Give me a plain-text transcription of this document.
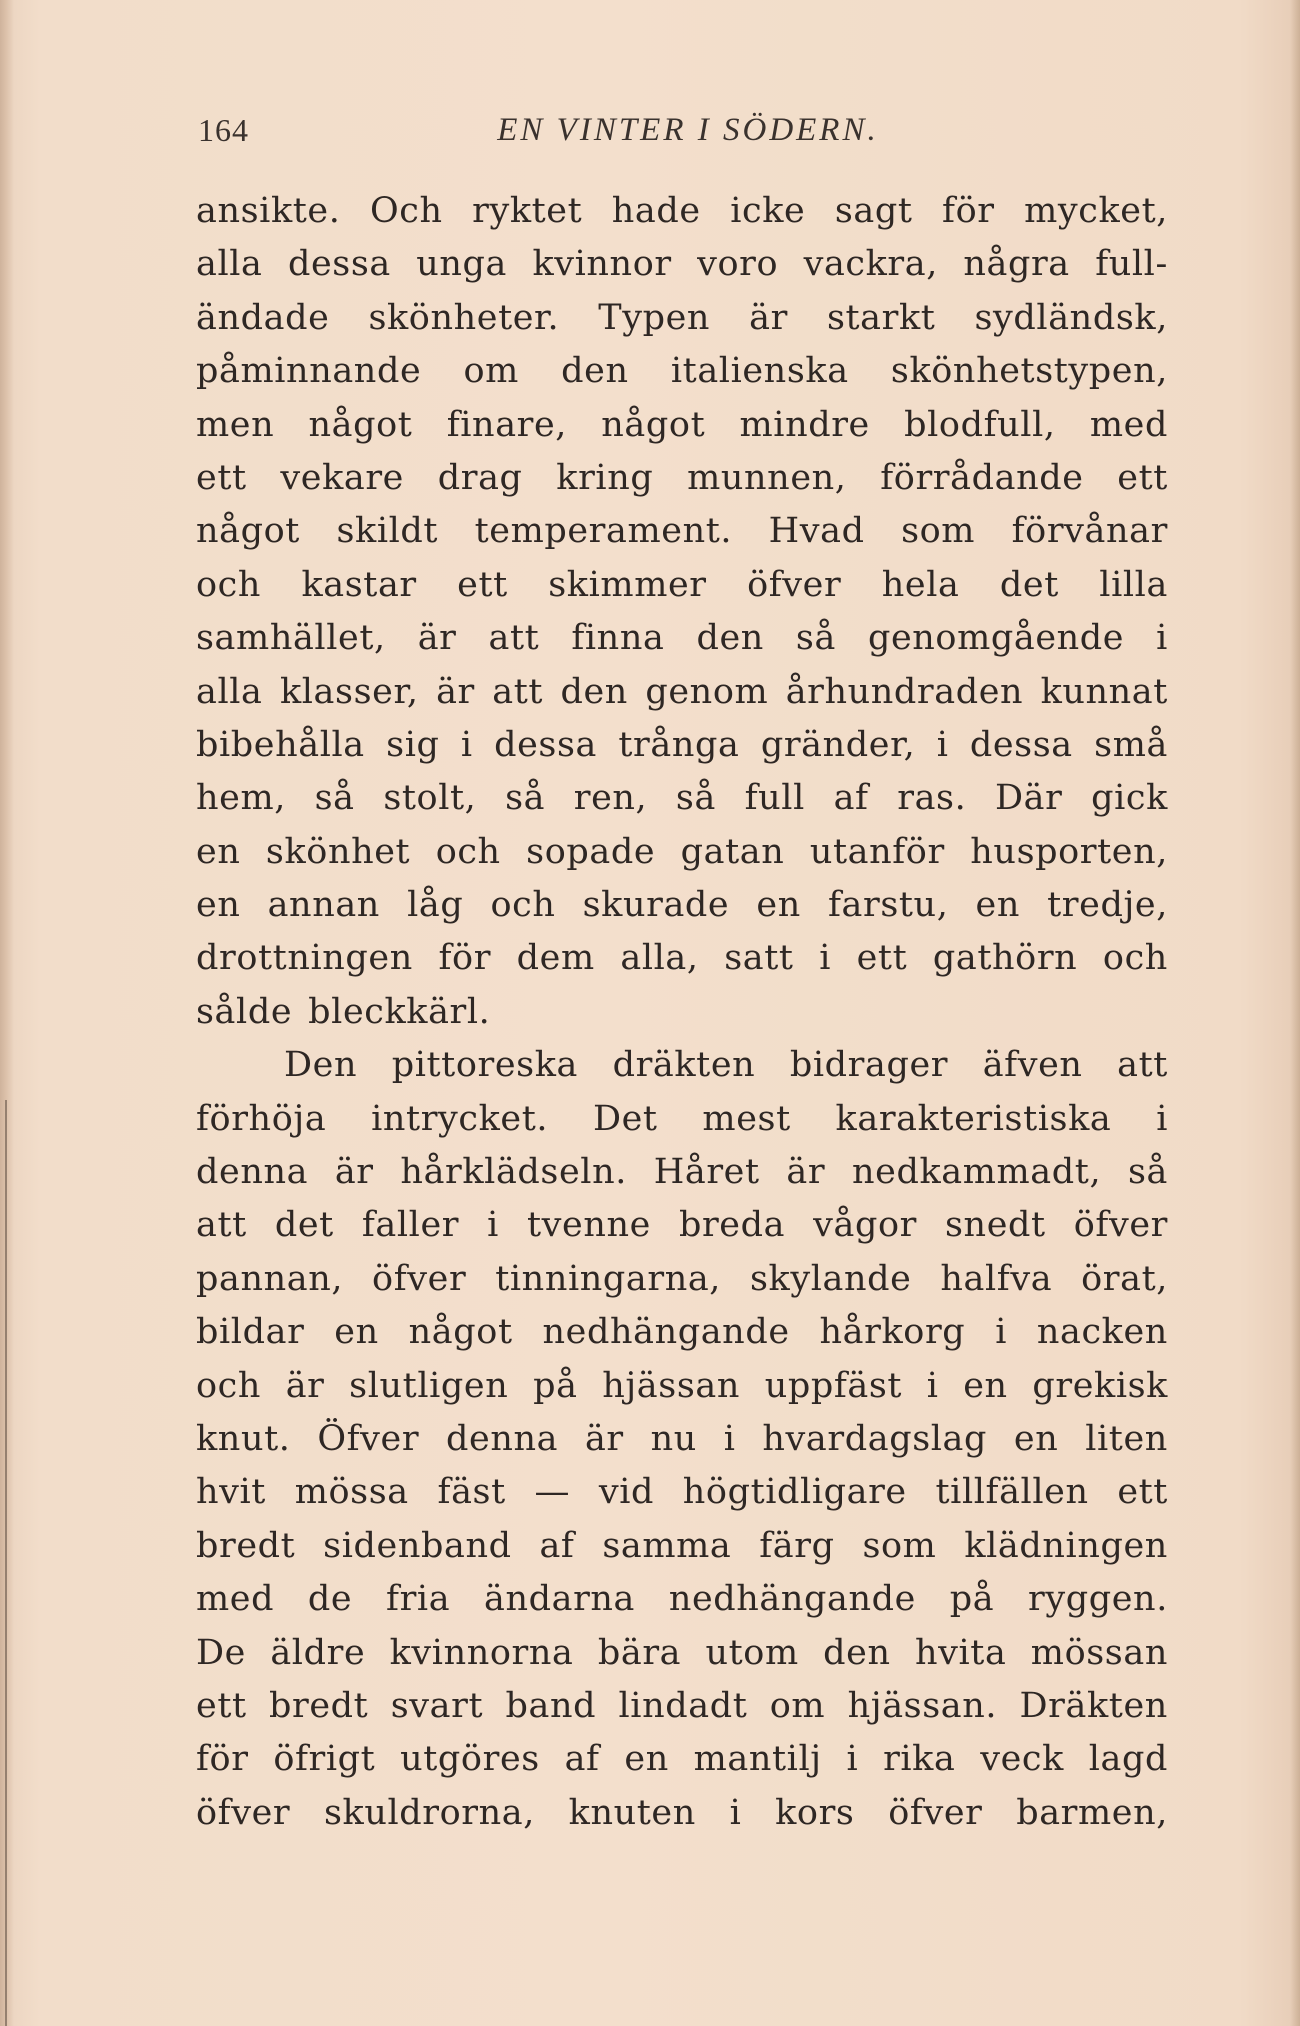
164	EN VINTER I SÖDERN.
ansikte. Och ryktet hade icke sagt för mycket,
alla dessa unga kvinnor voro vackra, några full-
ändade skönheter. Typen är starkt sydländsk,
påminnande om den italienska skönhetstypen,
men något finare, något mindre blodfull, med
ett vekare drag kring munnen, förrådande ett
något skildt temperament. Hvad som förvånar
och kastar ett skimmer öfver hela det lilla
samhället, är att finna den så genomgående i
alla klasser, är att den genom århundraden kunnat
bibehålla sig i dessa trånga gränder, i dessa små
hem, så stolt, så ren, så full af ras. Där gick
en skönhet och sopade gatan utanför husporten,
en annan låg och skurade en farstu, en tredje,
drottningen för dem alla, satt i ett gathörn och
sålde bleckkärl.
Den pittoreska dräkten bidrager äfven att
förhöja intrycket. Det mest karakteristiska i
denna är hårklädseln. Håret är nedkammadt, så
att det faller i tvenne breda vågor snedt öfver
pannan, öfver tinningarna, skylande halfva örat,
bildar en något nedhängande hårkorg i nacken
och är slutligen på hjässan uppfäst i en grekisk
knut. Öfver denna är nu i hvardagslag en liten
hvit mössa fäst — vid högtidligare tillfällen ett
bredt sidenband af samma färg som klädningen
med de fria ändarna nedhängande på ryggen.
De äldre kvinnorna bära utom den hvita mössan
ett bredt svart band lindadt om hjässan. Dräkten
för öfrigt utgöres af en mantilj i rika veck lagd
öfver skuldrorna, knuten i kors öfver barmen,
